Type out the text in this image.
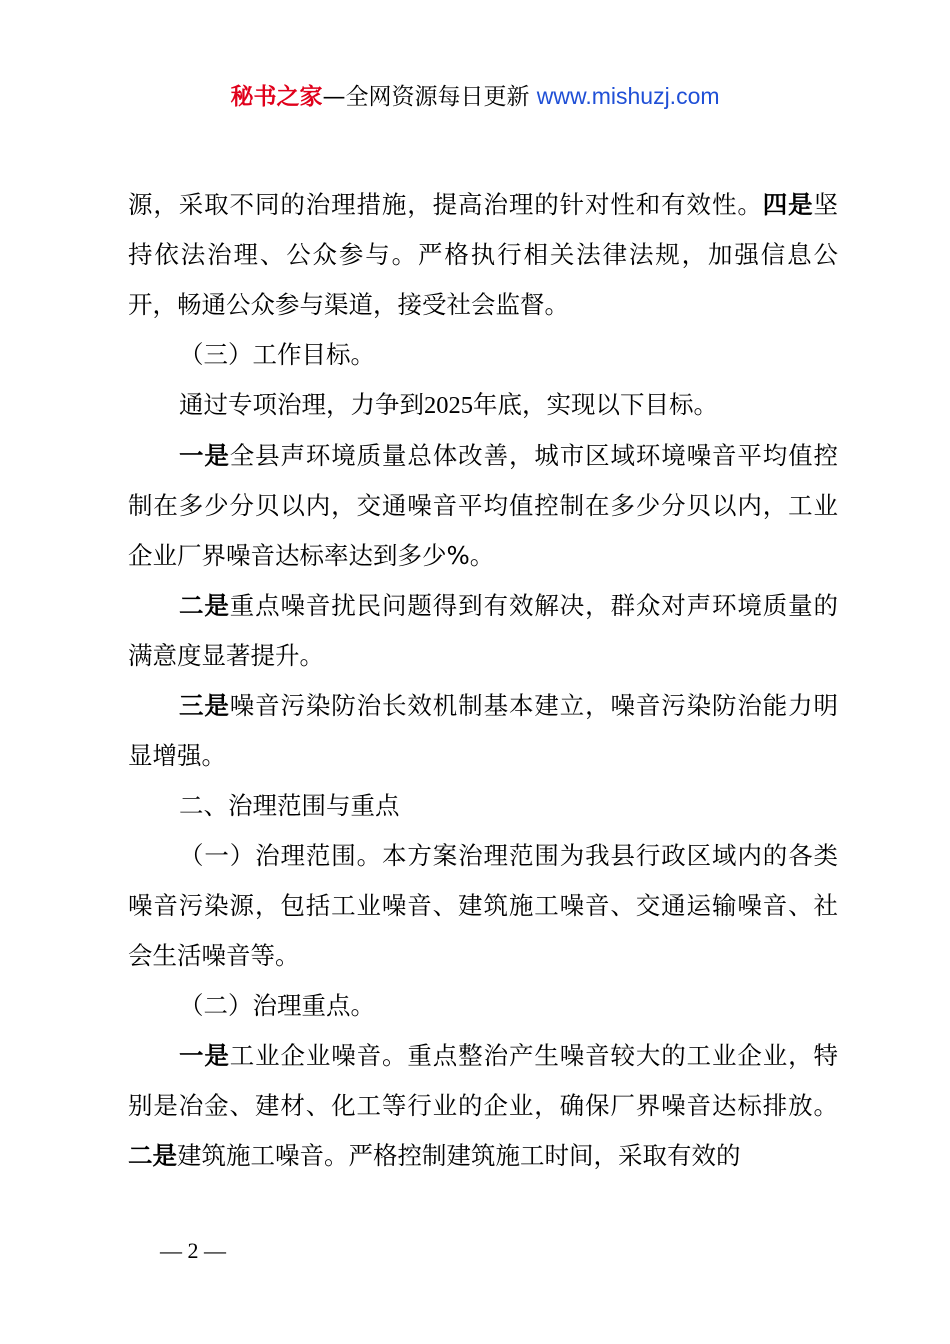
秘书之家—全网资源每日更新 www.mishuzj.com

源，采取不同的治理措施，提高治理的针对性和有效性。四是坚持依法治理、公众参与。严格执行相关法律法规，加强信息公开，畅通公众参与渠道，接受社会监督。

（三）工作目标。

通过专项治理，力争到2025年底，实现以下目标。

一是全县声环境质量总体改善，城市区域环境噪音平均值控制在多少分贝以内，交通噪音平均值控制在多少分贝以内，工业企业厂界噪音达标率达到多少%。

二是重点噪音扰民问题得到有效解决，群众对声环境质量的满意度显著提升。

三是噪音污染防治长效机制基本建立，噪音污染防治能力明显增强。

二、治理范围与重点

（一）治理范围。本方案治理范围为我县行政区域内的各类噪音污染源，包括工业噪音、建筑施工噪音、交通运输噪音、社会生活噪音等。

（二）治理重点。

一是工业企业噪音。重点整治产生噪音较大的工业企业，特别是冶金、建材、化工等行业的企业，确保厂界噪音达标排放。二是建筑施工噪音。严格控制建筑施工时间，采取有效的

— 2 —
